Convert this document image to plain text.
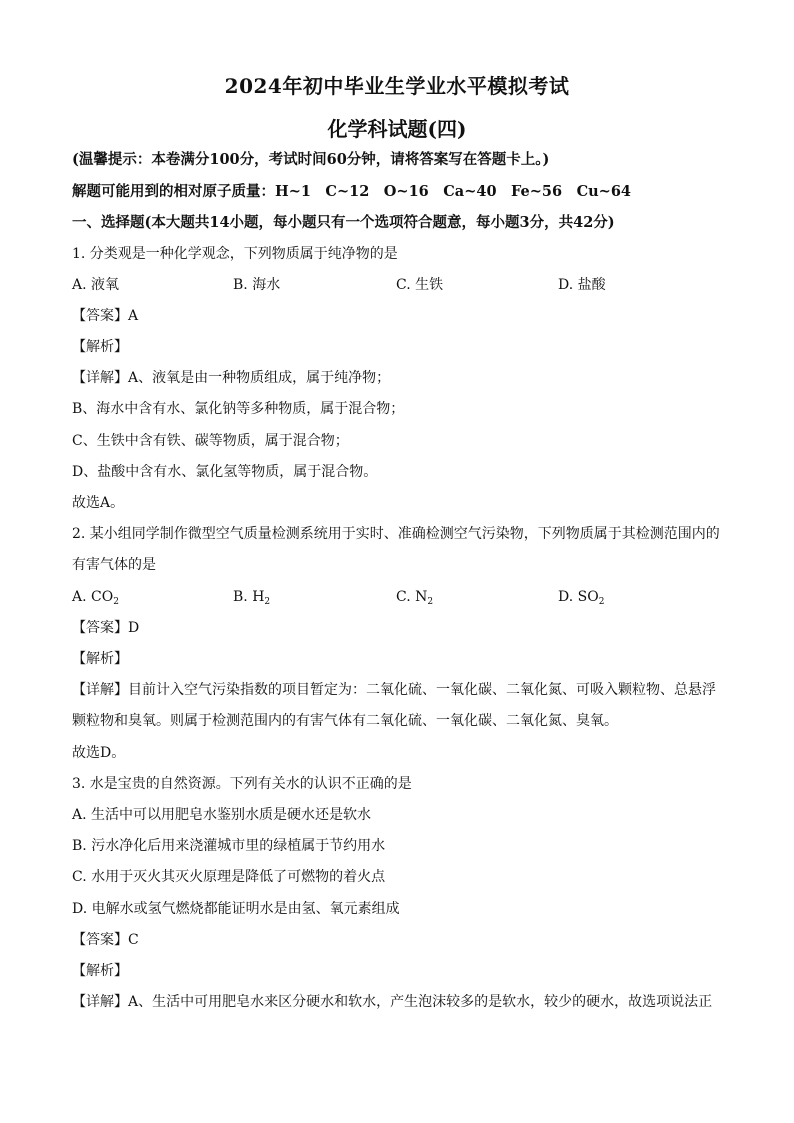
2024年初中毕业生学业水平模拟考试
化学科试题(四)
(温馨提示：本卷满分100分，考试时间60分钟，请将答案写在答题卡上。)
解题可能用到的相对原子质量：H~1　C~12　O~16　Ca~40　Fe~56　Cu~64
一、选择题(本大题共14小题，每小题只有一个选项符合题意，每小题3分，共42分)
1. 分类观是一种化学观念，下列物质属于纯净物的是
A. 液氧	B. 海水	C. 生铁	D. 盐酸
【答案】A
【解析】
【详解】A、液氧是由一种物质组成，属于纯净物；
B、海水中含有水、氯化钠等多种物质，属于混合物；
C、生铁中含有铁、碳等物质，属于混合物；
D、盐酸中含有水、氯化氢等物质，属于混合物。
故选A。
2. 某小组同学制作微型空气质量检测系统用于实时、准确检测空气污染物，下列物质属于其检测范围内的
有害气体的是
A. $CO_2$	B. $H_2$	C. $N_2$	D. $SO_2$
【答案】D
【解析】
【详解】目前计入空气污染指数的项目暂定为：二氧化硫、一氧化碳、二氧化氮、可吸入颗粒物、总悬浮
颗粒物和臭氧。则属于检测范围内的有害气体有二氧化硫、一氧化碳、二氧化氮、臭氧。
故选D。
3. 水是宝贵的自然资源。下列有关水的认识不正确的是
A. 生活中可以用肥皂水鉴别水质是硬水还是软水
B. 污水净化后用来浇灌城市里的绿植属于节约用水
C. 水用于灭火其灭火原理是降低了可燃物的着火点
D. 电解水或氢气燃烧都能证明水是由氢、氧元素组成
【答案】C
【解析】
【详解】A、生活中可用肥皂水来区分硬水和软水，产生泡沫较多的是软水，较少的硬水，故选项说法正
